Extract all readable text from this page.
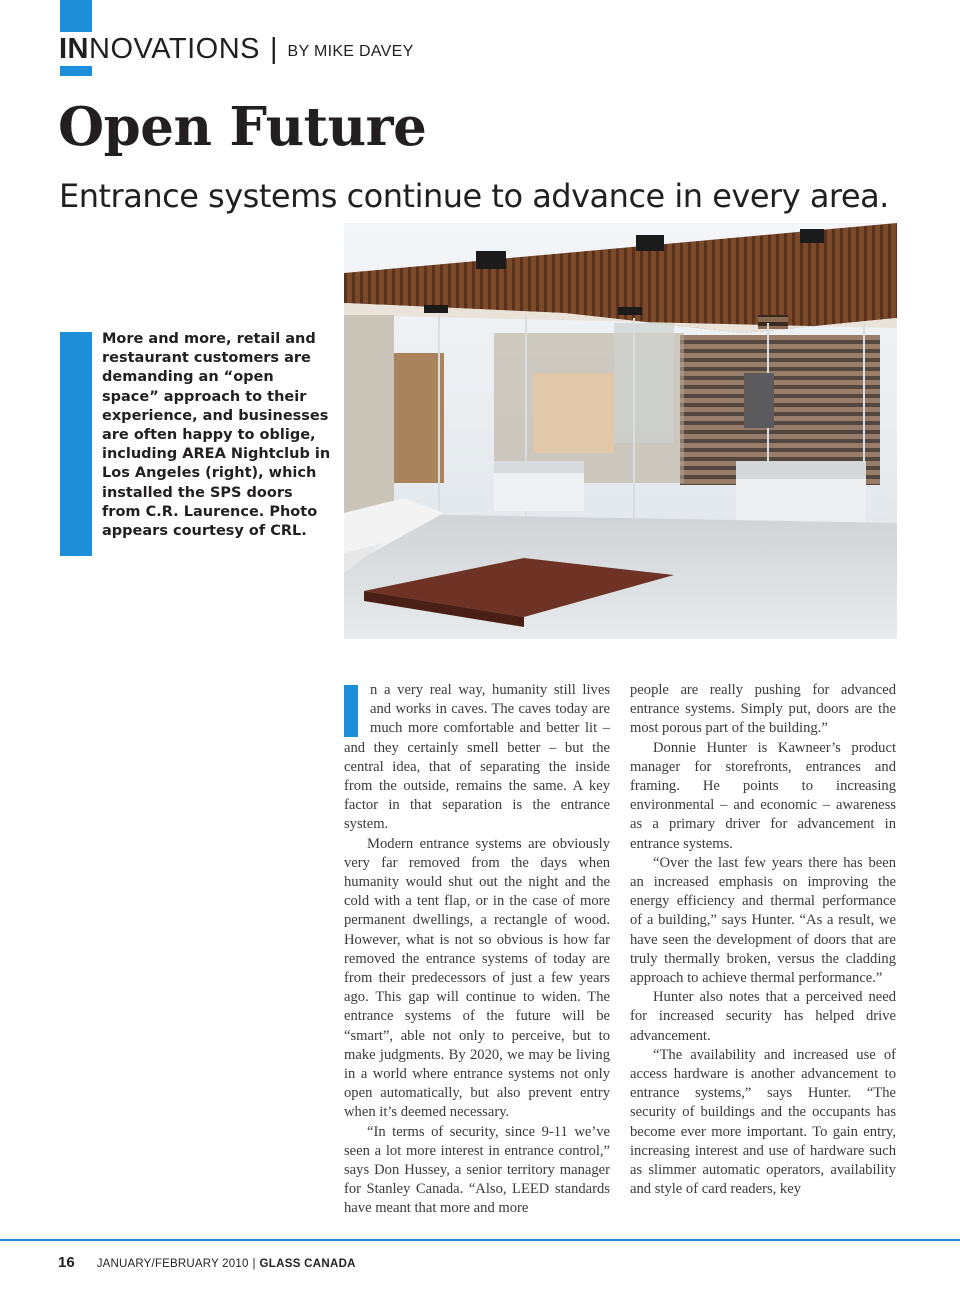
IN NOVATIONS | BY MIKE DAVEY
Open Future
Entrance systems continue to advance in every area.
More and more, retail and restaurant customers are demanding an “open space” approach to their experience, and businesses are often happy to oblige, including AREA Nightclub in Los Angeles (right), which installed the SPS doors from C.R. Laurence. Photo appears courtesy of CRL.

n a very real way, humanity still lives and works in caves. The caves today are much more comfortable and better lit – and they certainly smell better – but the central idea, that of separating the inside from the outside, remains the same. A key factor in that separation is the entrance system.

Modern entrance systems are obviously very far removed from the days when humanity would shut out the night and the cold with a tent flap, or in the case of more permanent dwellings, a rectangle of wood. However, what is not so obvious is how far removed the entrance systems of today are from their predecessors of just a few years ago. This gap will continue to widen. The entrance systems of the future will be “smart”, able not only to perceive, but to make judgments. By 2020, we may be living in a world where entrance systems not only open automatically, but also prevent entry when it’s deemed necessary.

“In terms of security, since 9-11 we’ve seen a lot more interest in entrance control,” says Don Hussey, a senior territory manager for Stanley Canada. “Also, LEED standards have meant that more and more

people are really pushing for advanced entrance systems. Simply put, doors are the most porous part of the building.”

Donnie Hunter is Kawneer’s product manager for storefronts, entrances and framing. He points to increasing environmental – and economic – awareness as a primary driver for advancement in entrance systems.

“Over the last few years there has been an increased emphasis on improving the energy efficiency and thermal performance of a building,” says Hunter. “As a result, we have seen the development of doors that are truly thermally broken, versus the cladding approach to achieve thermal performance.”

Hunter also notes that a perceived need for increased security has helped drive advancement.

“The availability and increased use of access hardware is another advancement to entrance systems,” says Hunter. “The security of buildings and the occupants has become ever more important. To gain entry, increasing interest and use of hardware such as slimmer automatic operators, availability and style of card readers, key

16 JANUARY/FEBRUARY 2010 | GLASS CANADA
